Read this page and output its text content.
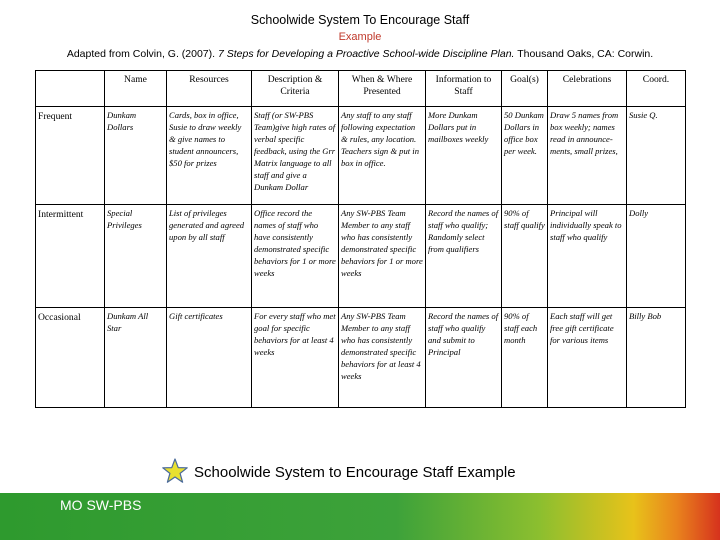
Schoolwide System To Encourage Staff
Example
Adapted from Colvin, G. (2007). 7 Steps for Developing a Proactive School-wide Discipline Plan. Thousand Oaks, CA: Corwin.
	Name	Resources	Description & Criteria	When & Where Presented	Information to Staff	Goal(s)	Celebrations	Coord.
Frequent	Dunkam Dollars	Cards, box in office, Susie to draw weekly & give names to student announcers, $50 for prizes	Staff (or SW-PBS Team)give high rates of verbal specific feedback, using the Grr Matrix language to all staff and give a Dunkam Dollar	Any staff to any staff following expectation & rules, any location. Teachers sign & put in box in office.	More Dunkam Dollars put in mailboxes weekly	50 Dunkam Dollars in office box per week.	Draw 5 names from box weekly; names read in announce-ments, small prizes,	Susie Q.
Intermittent	Special Privileges	List of privileges generated and agreed upon by all staff	Office record the names of staff who have consistently demonstrated specific behaviors for 1 or more weeks	Any SW-PBS Team Member to any staff who has consistently demonstrated specific behaviors for 1 or more weeks	Record the names of staff who qualify; Randomly select from qualifiers	90% of staff qualify	Principal will individually speak to staff who qualify	Dolly
Occasional	Dunkam All Star	Gift certificates	For every staff who met goal for specific behaviors for at least 4 weeks	Any SW-PBS Team Member to any staff who has consistently demonstrated specific behaviors for at least 4 weeks	Record the names of staff who qualify and submit to Principal	90% of staff each month	Each staff will get free gift certificate for various items	Billy Bob
Schoolwide System to Encourage Staff Example
MO SW-PBS
